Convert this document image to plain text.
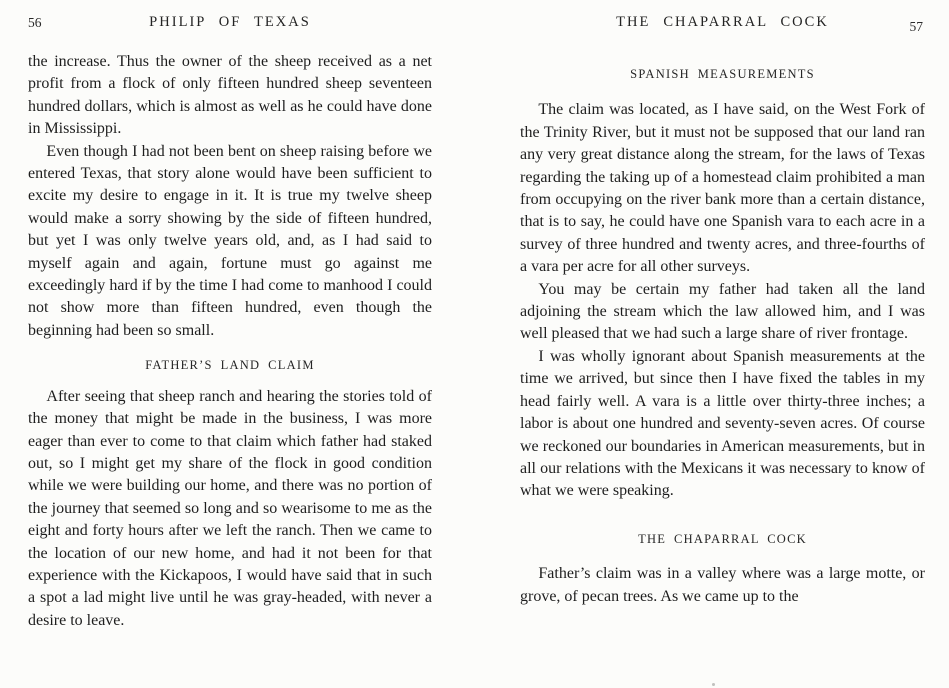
56	PHILIP OF TEXAS

the increase. Thus the owner of the sheep received as a net profit from a flock of only fifteen hundred sheep seventeen hundred dollars, which is almost as well as he could have done in Mississippi.

Even though I had not been bent on sheep raising before we entered Texas, that story alone would have been sufficient to excite my desire to engage in it. It is true my twelve sheep would make a sorry showing by the side of fifteen hundred, but yet I was only twelve years old, and, as I had said to myself again and again, fortune must go against me exceedingly hard if by the time I had come to manhood I could not show more than fifteen hundred, even though the beginning had been so small.

FATHER’S LAND CLAIM

After seeing that sheep ranch and hearing the stories told of the money that might be made in the business, I was more eager than ever to come to that claim which father had staked out, so I might get my share of the flock in good condition while we were building our home, and there was no portion of the journey that seemed so long and so wearisome to me as the eight and forty hours after we left the ranch. Then we came to the location of our new home, and had it not been for that experience with the Kickapoos, I would have said that in such a spot a lad might live until he was gray-headed, with never a desire to leave.

THE CHAPARRAL COCK	57
SPANISH MEASUREMENTS

The claim was located, as I have said, on the West Fork of the Trinity River, but it must not be supposed that our land ran any very great distance along the stream, for the laws of Texas regarding the taking up of a homestead claim prohibited a man from occupying on the river bank more than a certain distance, that is to say, he could have one Spanish vara to each acre in a survey of three hundred and twenty acres, and three-fourths of a vara per acre for all other surveys.

You may be certain my father had taken all the land adjoining the stream which the law allowed him, and I was well pleased that we had such a large share of river frontage.

I was wholly ignorant about Spanish measurements at the time we arrived, but since then I have fixed the tables in my head fairly well. A vara is a little over thirty-three inches; a labor is about one hundred and seventy-seven acres. Of course we reckoned our boundaries in American measurements, but in all our relations with the Mexicans it was necessary to know of what we were speaking.

THE CHAPARRAL COCK

Father’s claim was in a valley where was a large motte, or grove, of pecan trees. As we came up to the
